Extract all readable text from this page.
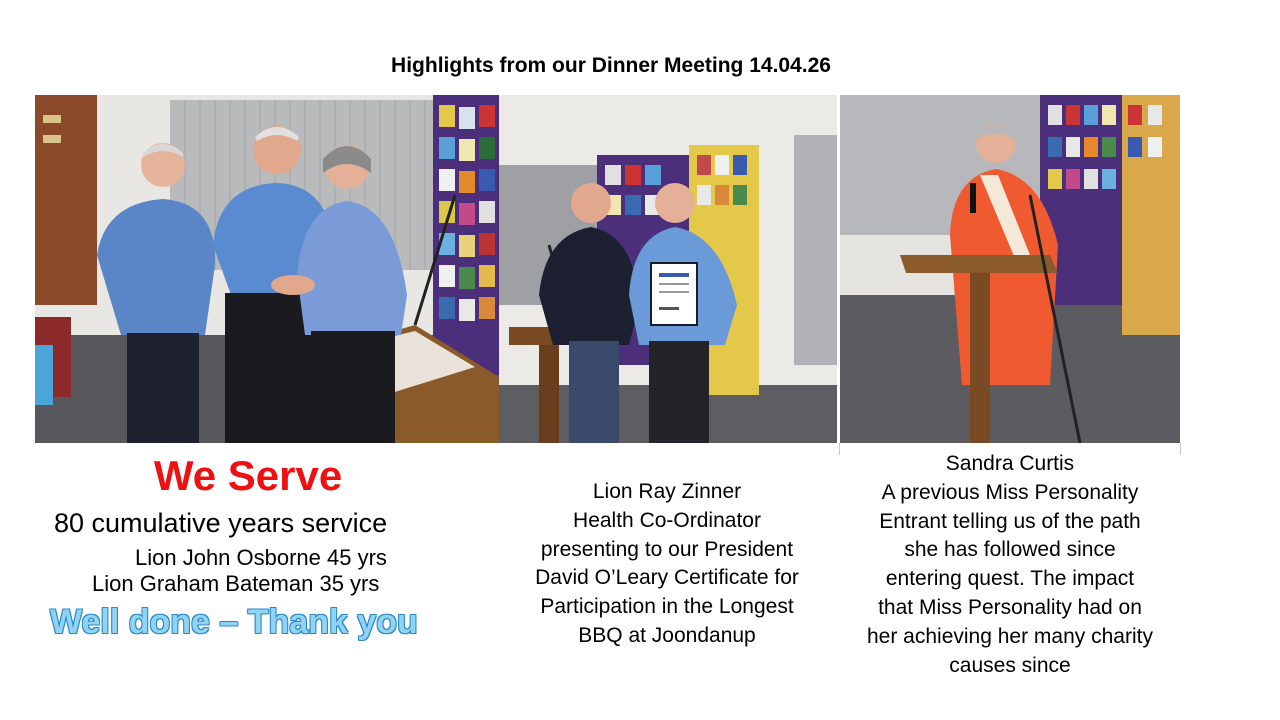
Highlights from our Dinner Meeting 14.04.26
We Serve
80 cumulative years service
Lion John Osborne 45 yrs
Lion Graham Bateman 35 yrs
Well done – Thank you
Lion Ray Zinner
Health Co-Ordinator
presenting to our President
David O’Leary Certificate for
Participation in the Longest
BBQ at Joondanup
Sandra Curtis
A previous Miss Personality
Entrant telling us of the path
she has followed since
entering quest. The impact
that Miss Personality had on
her achieving her many charity
causes since
